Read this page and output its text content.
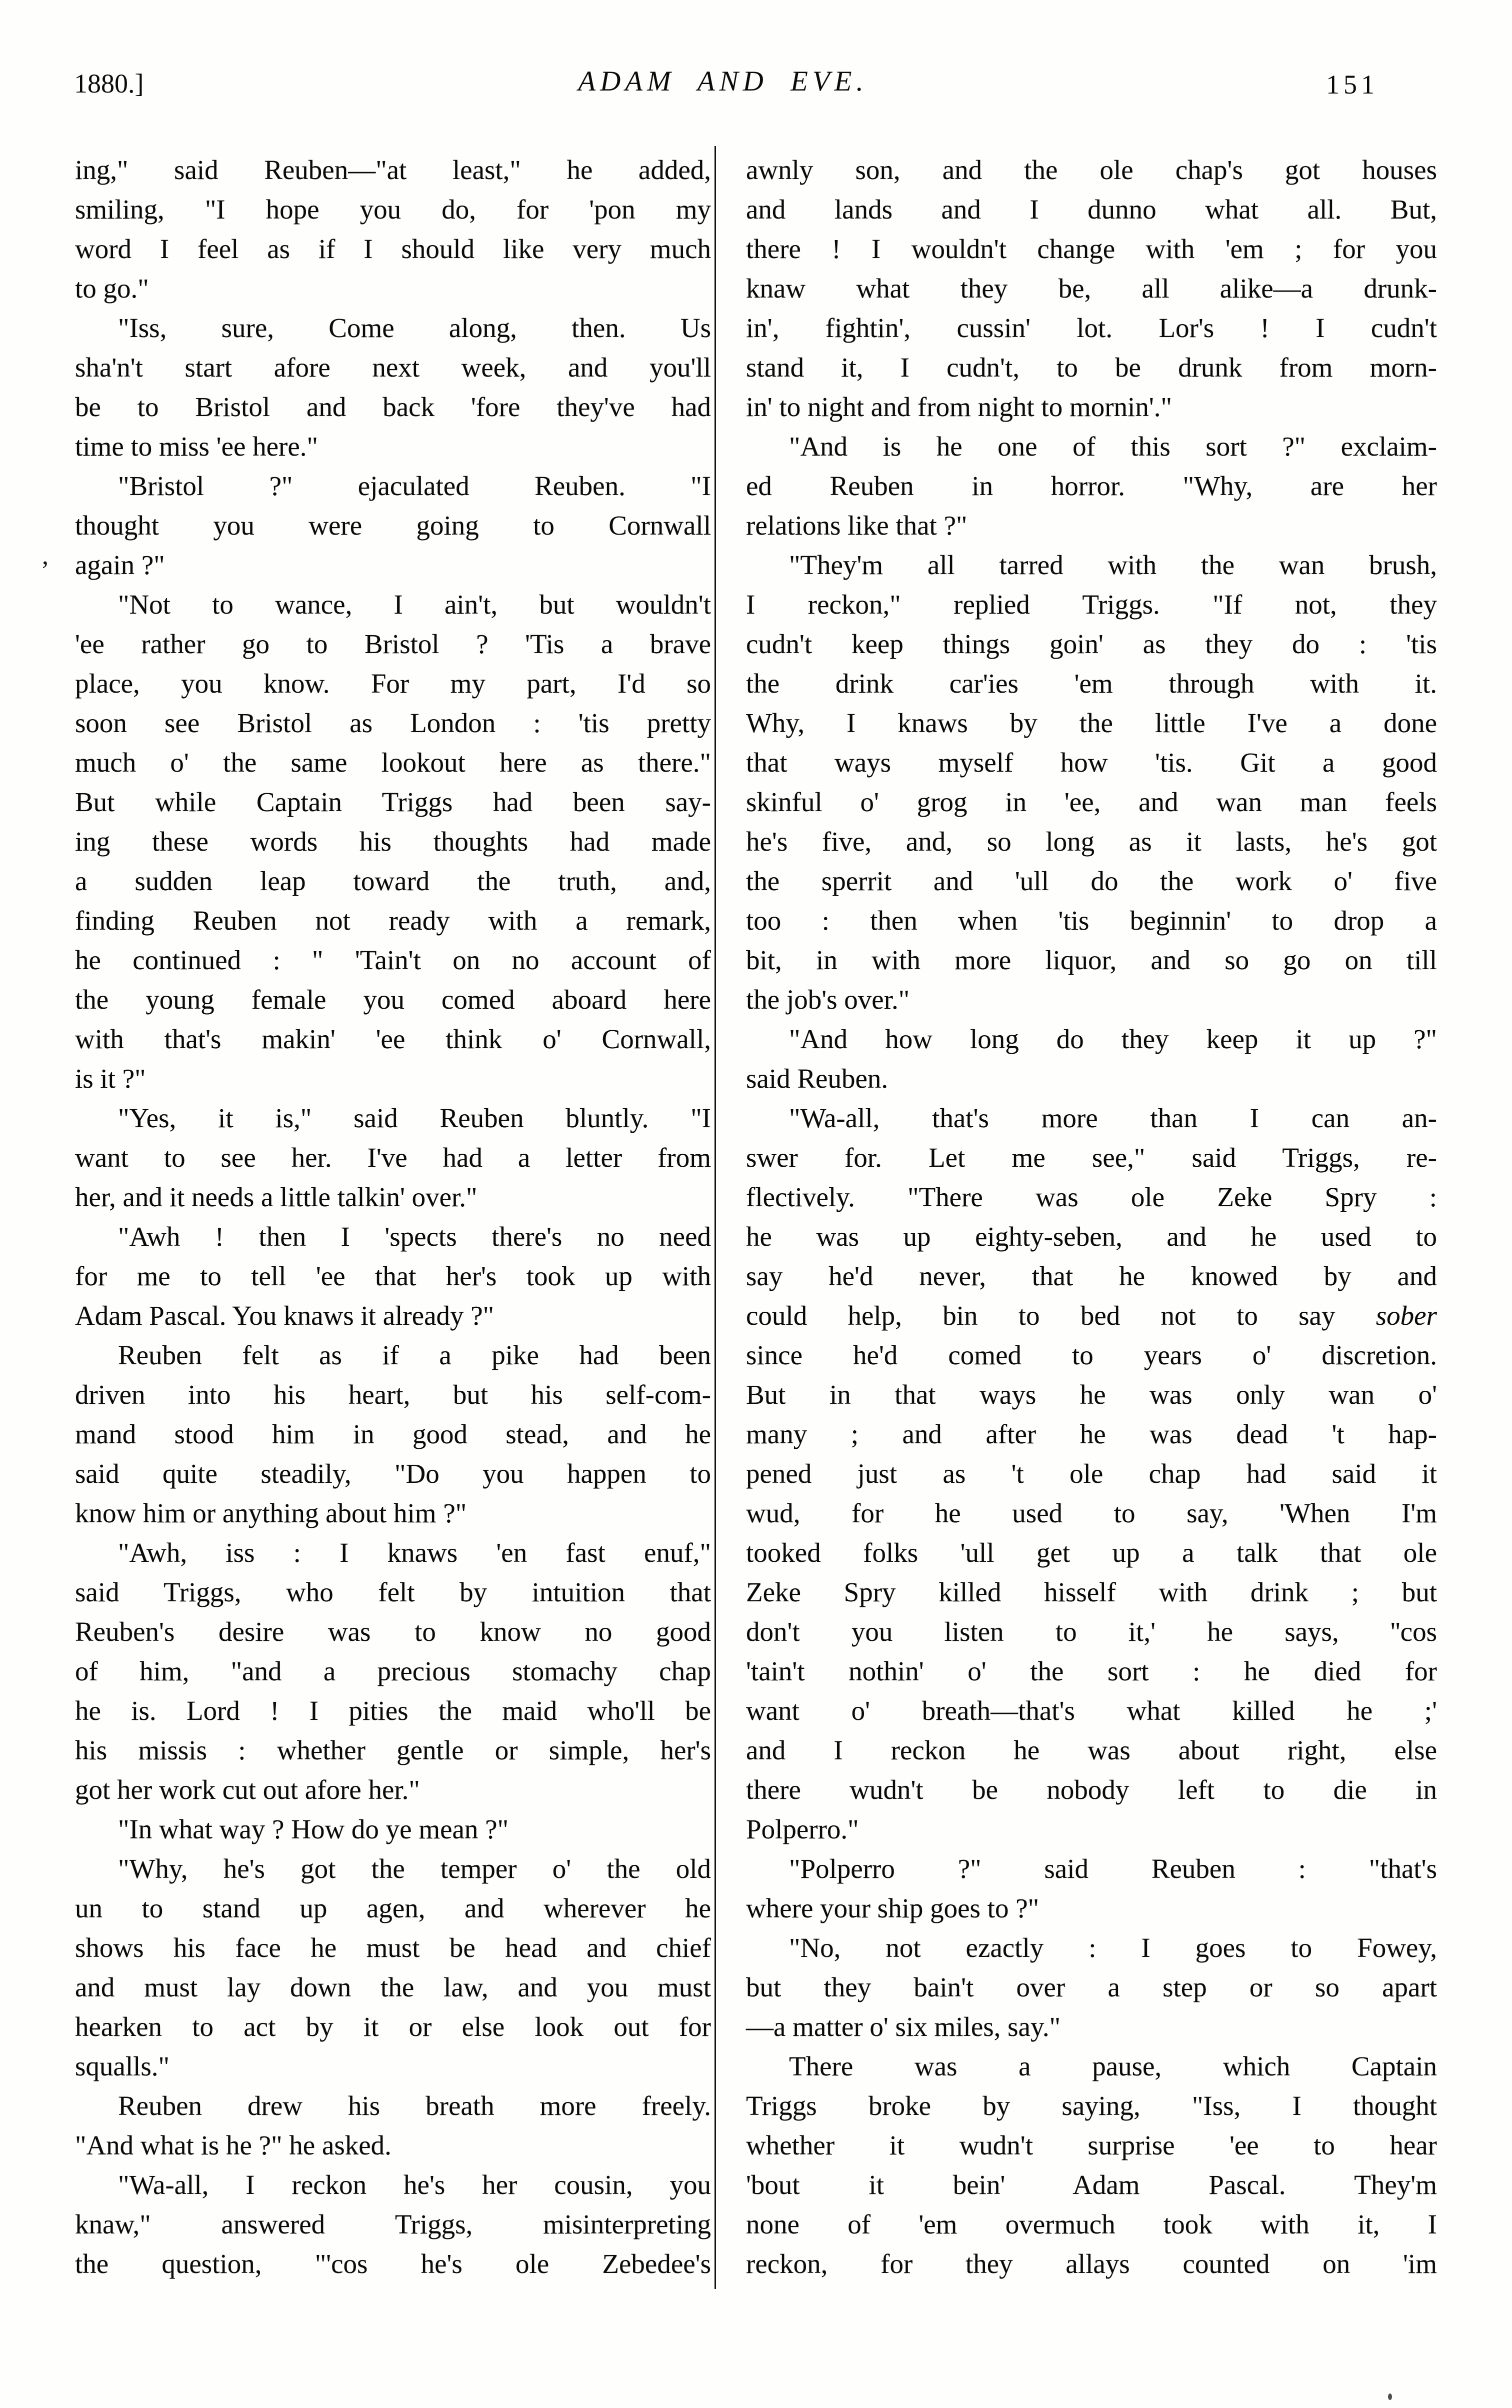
1880.]	ADAM AND EVE.	151
ing," said Reuben—"at least," he added,
smiling, "I hope you do, for 'pon my
word I feel as if I should like very much
to go."
"Iss, sure, Come along, then. Us
sha'n't start afore next week, and you'll
be to Bristol and back 'fore they've had
time to miss 'ee here."
"Bristol ?" ejaculated Reuben. "I
thought you were going to Cornwall
again ?"
"Not to wance, I ain't, but wouldn't
'ee rather go to Bristol ? 'Tis a brave
place, you know. For my part, I'd so
soon see Bristol as London : 'tis pretty
much o' the same lookout here as there."
But while Captain Triggs had been say-
ing these words his thoughts had made
a sudden leap toward the truth, and,
finding Reuben not ready with a remark,
he continued : " 'Tain't on no account of
the young female you comed aboard here
with that's makin' 'ee think o' Cornwall,
is it ?"
"Yes, it is," said Reuben bluntly. "I
want to see her. I've had a letter from
her, and it needs a little talkin' over."
"Awh ! then I 'spects there's no need
for me to tell 'ee that her's took up with
Adam Pascal. You knaws it already ?"
Reuben felt as if a pike had been
driven into his heart, but his self-com-
mand stood him in good stead, and he
said quite steadily, "Do you happen to
know him or anything about him ?"
"Awh, iss : I knaws 'en fast enuf,"
said Triggs, who felt by intuition that
Reuben's desire was to know no good
of him, "and a precious stomachy chap
he is. Lord ! I pities the maid who'll be
his missis : whether gentle or simple, her's
got her work cut out afore her."
"In what way ? How do ye mean ?"
"Why, he's got the temper o' the old
un to stand up agen, and wherever he
shows his face he must be head and chief
and must lay down the law, and you must
hearken to act by it or else look out for
squalls."
Reuben drew his breath more freely.
"And what is he ?" he asked.
"Wa-all, I reckon he's her cousin, you
knaw," answered Triggs, misinterpreting
the question, "'cos he's ole Zebedee's
awnly son, and the ole chap's got houses
and lands and I dunno what all. But,
there ! I wouldn't change with 'em ; for you
knaw what they be, all alike—a drunk-
in', fightin', cussin' lot. Lor's ! I cudn't
stand it, I cudn't, to be drunk from morn-
in' to night and from night to mornin'."
"And is he one of this sort ?" exclaim-
ed Reuben in horror. "Why, are her
relations like that ?"
"They'm all tarred with the wan brush,
I reckon," replied Triggs. "If not, they
cudn't keep things goin' as they do : 'tis
the drink car'ies 'em through with it.
Why, I knaws by the little I've a done
that ways myself how 'tis. Git a good
skinful o' grog in 'ee, and wan man feels
he's five, and, so long as it lasts, he's got
the sperrit and 'ull do the work o' five
too : then when 'tis beginnin' to drop a
bit, in with more liquor, and so go on till
the job's over."
"And how long do they keep it up ?"
said Reuben.
"Wa-all, that's more than I can an-
swer for. Let me see," said Triggs, re-
flectively. "There was ole Zeke Spry :
he was up eighty-seben, and he used to
say he'd never, that he knowed by and
could help, bin to bed not to say sober
since he'd comed to years o' discretion.
But in that ways he was only wan o'
many ; and after he was dead 't hap-
pened just as 't ole chap had said it
wud, for he used to say, 'When I'm
tooked folks 'ull get up a talk that ole
Zeke Spry killed hisself with drink ; but
don't you listen to it,' he says, ''cos
'tain't nothin' o' the sort : he died for
want o' breath—that's what killed he ;'
and I reckon he was about right, else
there wudn't be nobody left to die in
Polperro."
"Polperro ?" said Reuben : "that's
where your ship goes to ?"
"No, not ezactly : I goes to Fowey,
but they bain't over a step or so apart
—a matter o' six miles, say."
There was a pause, which Captain
Triggs broke by saying, "Iss, I thought
whether it wudn't surprise 'ee to hear
'bout it bein' Adam Pascal. They'm
none of 'em overmuch took with it, I
reckon, for they allays counted on 'im
,
